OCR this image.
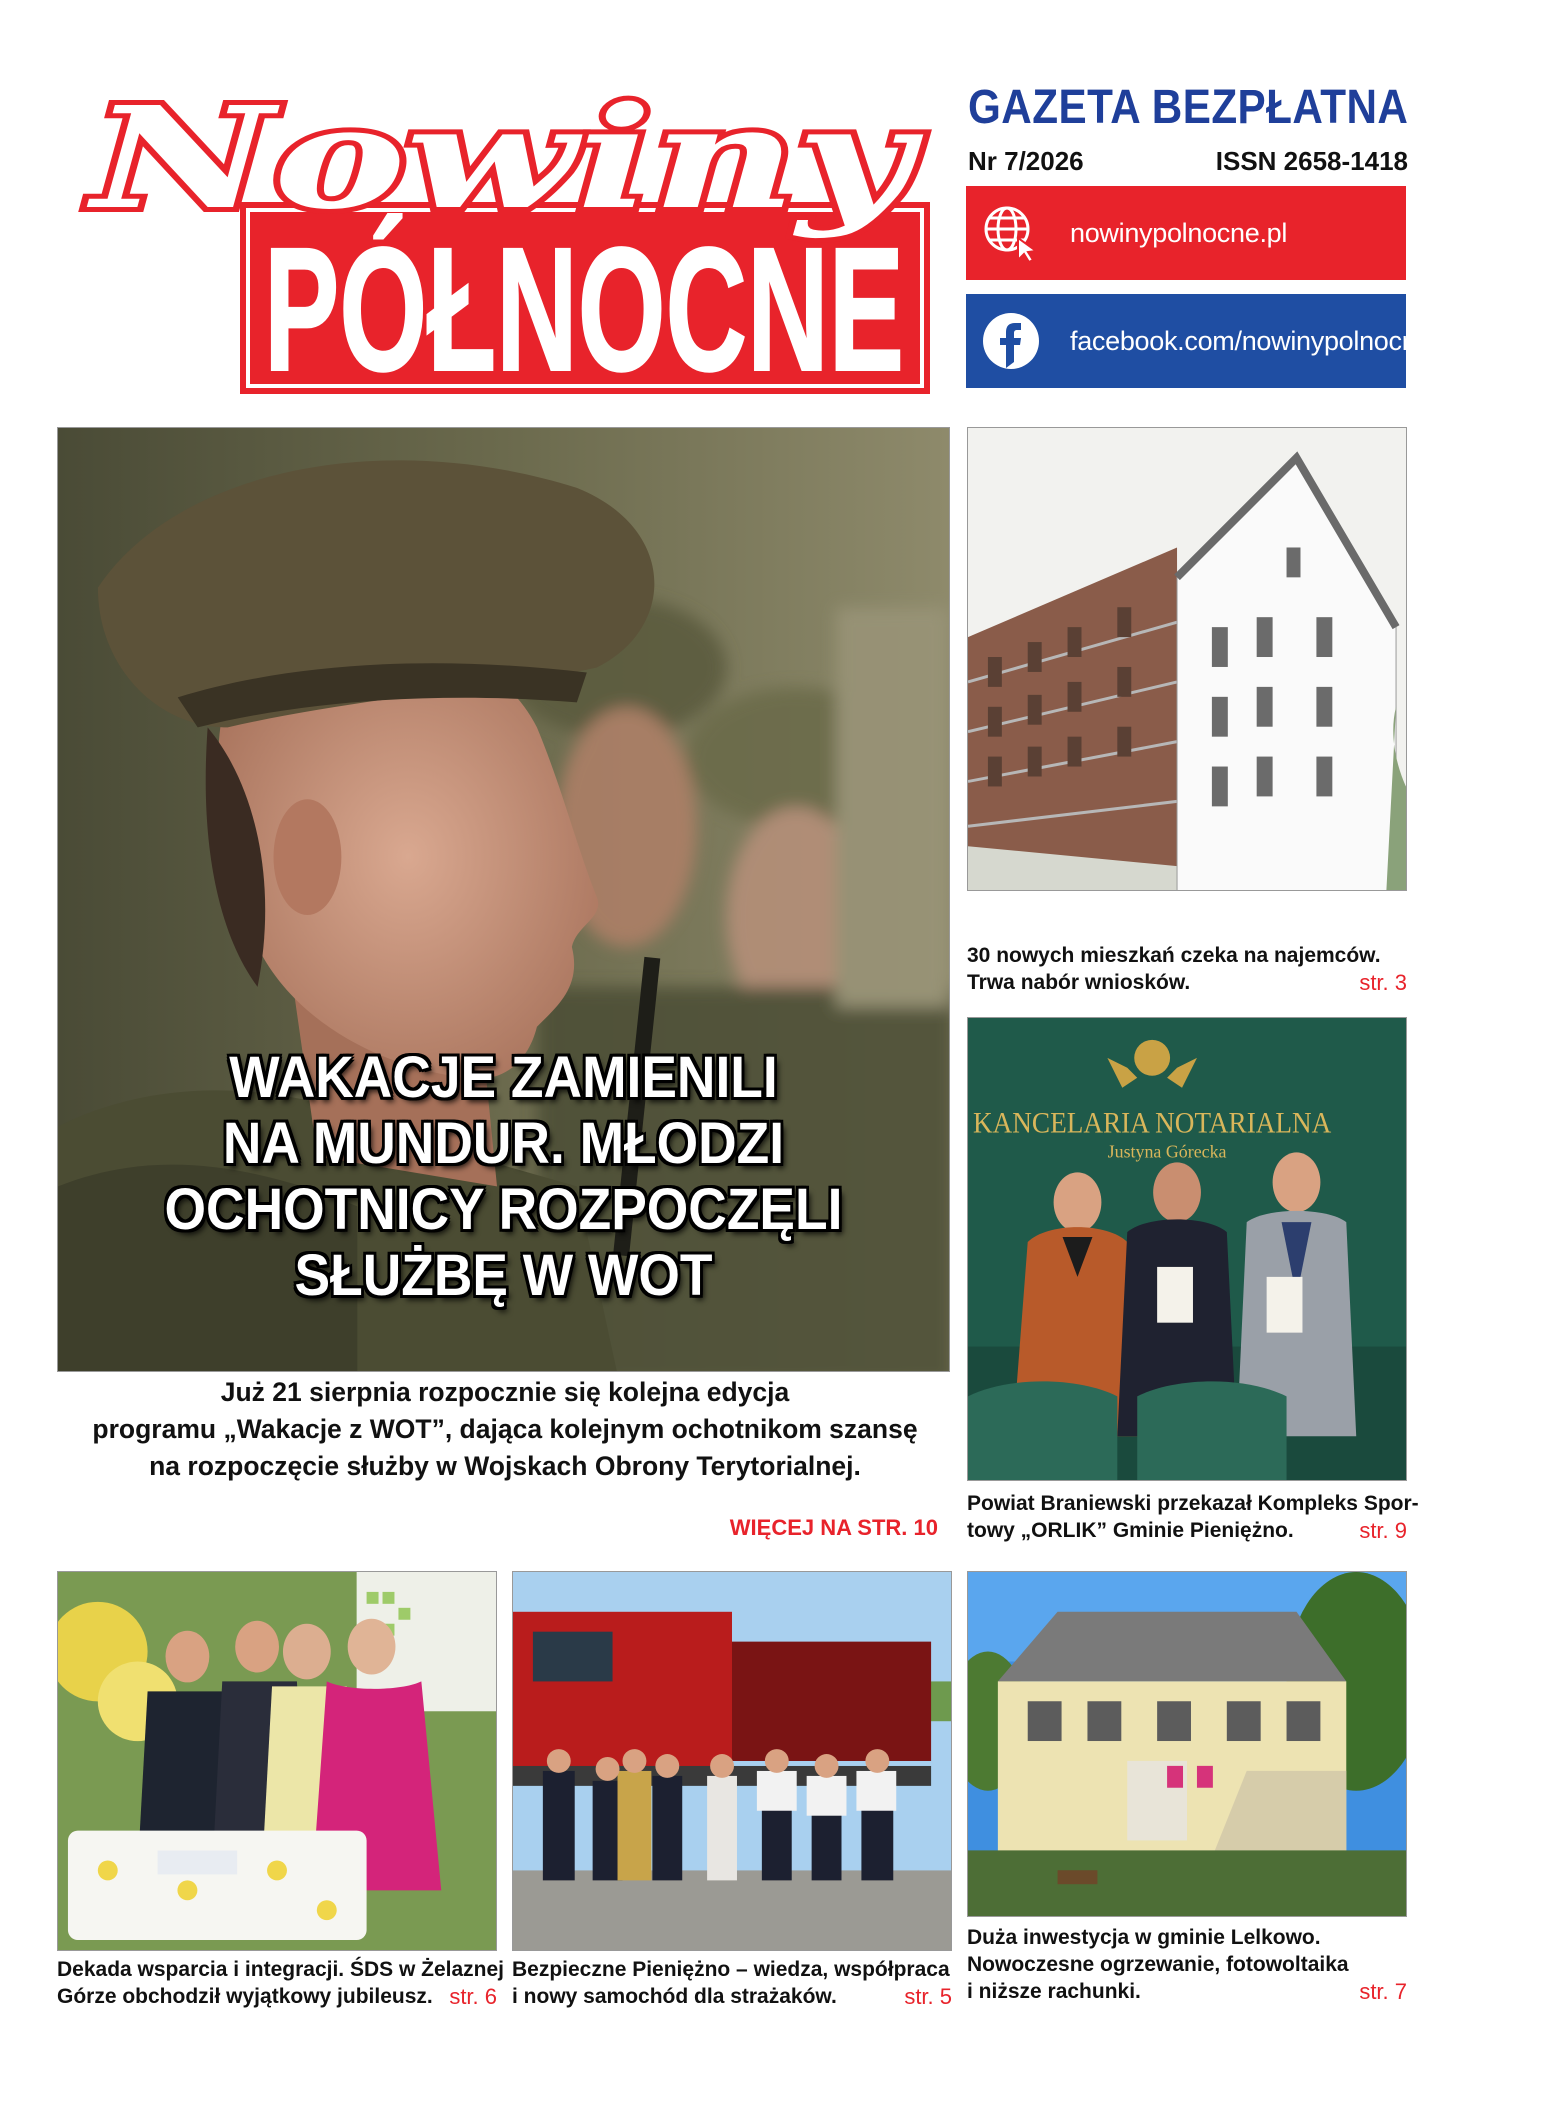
PÓŁNOCNE
Nowiny GAZETA BEZPŁATNA
Nr 7/2026	ISSN 2658-1418
nowinypolnocne.pl
facebook.com/nowinypolnocne
WAKACJE ZAMIENILI
NA MUNDUR. MŁODZI
OCHOTNICY ROZPOCZĘLI
SŁUŻBĘ W WOT
Już 21 sierpnia rozpocznie się kolejna edycja
programu „Wakacje z WOT”, dająca kolejnym ochotnikom szansę
na rozpoczęcie służby w Wojskach Obrony Terytorialnej.
WIĘCEJ NA STR. 10
30 nowych mieszkań czeka na najemców.
Trwa nabór wniosków.	str. 3
KANCELARIA NOTARIALNA
Justyna Górecka
Powiat Braniewski przekazał Kompleks Spor-
towy „ORLIK” Gminie Pieniężno.	str. 9
Dekada wsparcia i integracji. ŚDS w Żelaznej
Górze obchodził wyjątkowy jubileusz. str. 6
Bezpieczne Pieniężno – wiedza, współpraca
i nowy samochód dla strażaków.	str. 5
Duża inwestycja w gminie Lelkowo.
Nowoczesne ogrzewanie, fotowoltaika
i niższe rachunki.	str. 7
